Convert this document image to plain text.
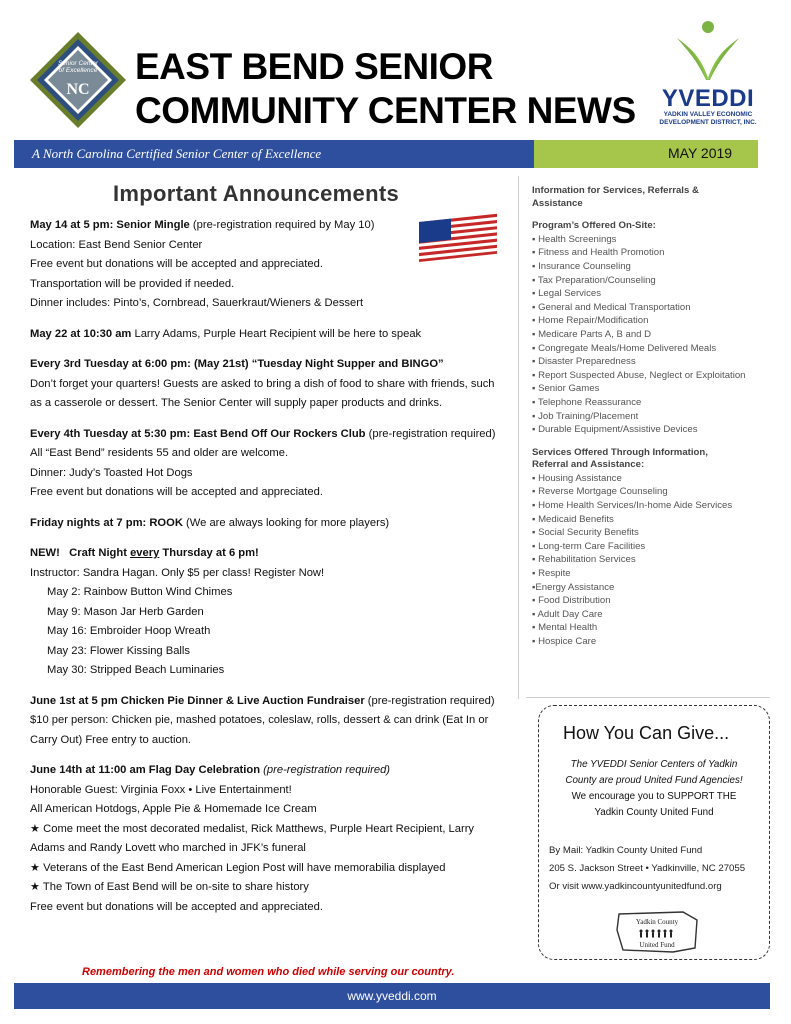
Senior Center
of Excellence
NC
EAST BEND SENIOR
COMMUNITY CENTER NEWS	YVEDDI
YADKIN VALLEY ECONOMIC
DEVELOPMENT DISTRICT, INC.
A North Carolina Certified Senior Center of Excellence	MAY 2019
Important Announcements

May 14 at 5 pm: Senior Mingle (pre-registration required by May 10)

Location: East Bend Senior Center

Free event but donations will be accepted and appreciated.

Transportation will be provided if needed.

Dinner includes: Pinto’s, Cornbread, Sauerkraut/Wieners & Dessert

May 22 at 10:30 am Larry Adams, Purple Heart Recipient will be here to speak

Every 3rd Tuesday at 6:00 pm: (May 21st) “Tuesday Night Supper and BINGO”

Don’t forget your quarters! Guests are asked to bring a dish of food to share with friends, such

as a casserole or dessert. The Senior Center will supply paper products and drinks.

Every 4th Tuesday at 5:30 pm: East Bend Off Our Rockers Club (pre-registration required)

All “East Bend” residents 55 and older are welcome.

Dinner: Judy’s Toasted Hot Dogs

Free event but donations will be accepted and appreciated.

Friday nights at 7 pm: ROOK (We are always looking for more players)

NEW!   Craft Night every Thursday at 6 pm!

Instructor: Sandra Hagan. Only $5 per class! Register Now!

May 2: Rainbow Button Wind Chimes

May 9: Mason Jar Herb Garden

May 16: Embroider Hoop Wreath

May 23: Flower Kissing Balls

May 30: Stripped Beach Luminaries

June 1st at 5 pm Chicken Pie Dinner & Live Auction Fundraiser (pre-registration required)

$10 per person: Chicken pie, mashed potatoes, coleslaw, rolls, dessert & can drink (Eat In or

Carry Out) Free entry to auction.

June 14th at 11:00 am Flag Day Celebration (pre-registration required)

Honorable Guest: Virginia Foxx • Live Entertainment!

All American Hotdogs, Apple Pie & Homemade Ice Cream

★ Come meet the most decorated medalist, Rick Matthews, Purple Heart Recipient, Larry

Adams and Randy Lovett who marched in JFK’s funeral

★ Veterans of the East Bend American Legion Post will have memorabilia displayed

★ The Town of East Bend will be on-site to share history

Free event but donations will be accepted and appreciated.

Remembering the men and women who died while serving our country.
Information for Services, Referrals &
Assistance
Program’s Offered On-Site:
▪ Health Screenings
▪ Fitness and Health Promotion
▪ Insurance Counseling
▪ Tax Preparation/Counseling
▪ Legal Services
▪ General and Medical Transportation
▪ Home Repair/Modification
▪ Medicare Parts A, B and D
▪ Congregate Meals/Home Delivered Meals
▪ Disaster Preparedness
▪ Report Suspected Abuse, Neglect or Exploitation
▪ Senior Games
▪ Telephone Reassurance
▪ Job Training/Placement
▪ Durable Equipment/Assistive Devices
Services Offered Through Information,
Referral and Assistance:
▪ Housing Assistance
▪ Reverse Mortgage Counseling
▪ Home Health Services/In-home Aide Services
▪ Medicaid Benefits
▪ Social Security Benefits
▪ Long-term Care Facilities
▪ Rehabilitation Services
▪ Respite
▪Energy Assistance
▪ Food Distribution
▪ Adult Day Care
▪ Mental Health
▪ Hospice Care
How You Can Give...
The YVEDDI Senior Centers of Yadkin
County are proud United Fund Agencies!
We encourage you to SUPPORT THE
Yadkin County United Fund

By Mail: Yadkin County United Fund

205 S. Jackson Street • Yadkinville, NC 27055

Or visit www.yadkincountyunitedfund.org

Yadkin County
United Fund
www.yveddi.com
